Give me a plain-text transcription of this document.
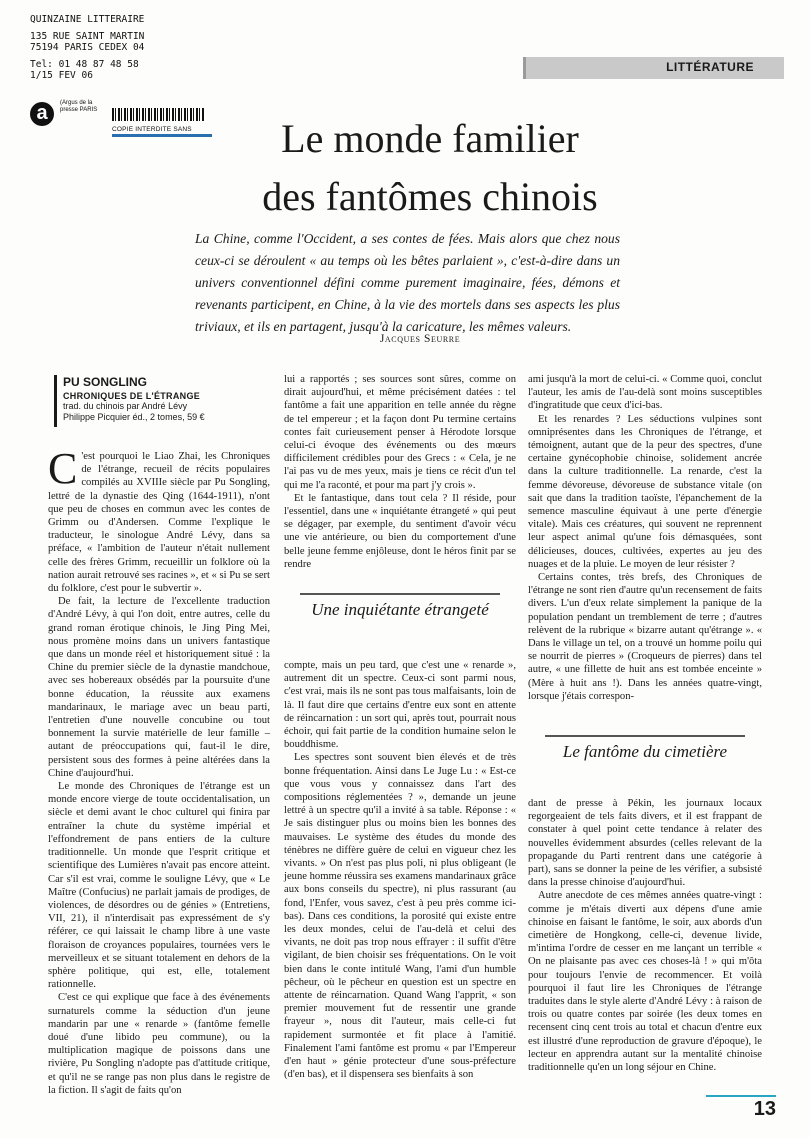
QUINZAINE LITTERAIRE
135 RUE SAINT MARTIN
75194 PARIS CEDEX 04
Tel: 01 48 87 48 58
1/15 FEV 06
a	(Argus de la presse PARIS
COPIE INTERDITE SANS
LITTÉRATURE
Le monde familier
des fantômes chinois
La Chine, comme l'Occident, a ses contes de fées. Mais alors que chez nous ceux-ci se déroulent « au temps où les bêtes parlaient », c'est-à-dire dans un univers conventionnel défini comme purement imaginaire, fées, démons et revenants participent, en Chine, à la vie des mortels dans ses aspects les plus triviaux, et ils en partagent, jusqu'à la caricature, les mêmes valeurs.
Jacques Seurre
PU SONGLING
CHRONIQUES DE L'ÉTRANGE
trad. du chinois par André Lévy
Philippe Picquier éd., 2 tomes, 59 €
C 'est pourquoi le Liao Zhai, les Chroniques de l'étrange, recueil de récits populaires compilés au XVIIIe siècle par Pu Songling, lettré de la dynastie des Qing (1644-1911), n'ont que peu de choses en commun avec les contes de Grimm ou d'Andersen. Comme l'explique le traducteur, le sinologue André Lévy, dans sa préface, « l'ambition de l'auteur n'était nullement celle des frères Grimm, recueillir un folklore où la nation aurait retrouvé ses racines », et « si Pu se sert du folklore, c'est pour le subvertir ».

De fait, la lecture de l'excellente traduction d'André Lévy, à qui l'on doit, entre autres, celle du grand roman érotique chinois, le Jing Ping Mei, nous promène moins dans un univers fantastique que dans un monde réel et historiquement situé : la Chine du premier siècle de la dynastie mandchoue, avec ses hobereaux obsédés par la poursuite d'une bonne éducation, la réussite aux examens mandarinaux, le mariage avec un beau parti, l'entretien d'une nouvelle concubine ou tout bonnement la survie matérielle de leur famille – autant de préoccupations qui, faut-il le dire, persistent sous des formes à peine altérées dans la Chine d'aujourd'hui.

Le monde des Chroniques de l'étrange est un monde encore vierge de toute occidentalisation, un siècle et demi avant le choc culturel qui finira par entraîner la chute du système impérial et l'effondrement de pans entiers de la culture traditionnelle. Un monde que l'esprit critique et scientifique des Lumières n'avait pas encore atteint. Car s'il est vrai, comme le souligne Lévy, que « Le Maître (Confucius) ne parlait jamais de prodiges, de violences, de désordres ou de génies » (Entretiens, VII, 21), il n'interdisait pas expressément de s'y référer, ce qui laissait le champ libre à une vaste floraison de croyances populaires, tournées vers le merveilleux et se situant totalement en dehors de la sphère politique, qui est, elle, totalement rationnelle.

C'est ce qui explique que face à des événements surnaturels comme la séduction d'un jeune mandarin par une « renarde » (fantôme femelle doué d'une libido peu commune), ou la multiplication magique de poissons dans une rivière, Pu Songling n'adopte pas d'attitude critique, et qu'il ne se range pas non plus dans le registre de la fiction. Il s'agit de faits qu'on

lui a rapportés ; ses sources sont sûres, comme on dirait aujourd'hui, et même précisément datées : tel fantôme a fait une apparition en telle année du règne de tel empereur ; et la façon dont Pu termine certains contes fait curieusement penser à Hérodote lorsque celui-ci évoque des événements ou des mœurs difficilement crédibles pour des Grecs : « Cela, je ne l'ai pas vu de mes yeux, mais je tiens ce récit d'un tel qui me l'a raconté, et pour ma part j'y crois ».

Et le fantastique, dans tout cela ? Il réside, pour l'essentiel, dans une « inquiétante étrangeté » qui peut se dégager, par exemple, du sentiment d'avoir vécu une vie antérieure, ou bien du comportement d'une belle jeune femme enjôleuse, dont le héros finit par se rendre

Une inquiétante étrangeté

compte, mais un peu tard, que c'est une « renarde », autrement dit un spectre. Ceux-ci sont parmi nous, c'est vrai, mais ils ne sont pas tous malfaisants, loin de là. Il faut dire que certains d'entre eux sont en attente de réincarnation : un sort qui, après tout, pourrait nous échoir, qui fait partie de la condition humaine selon le bouddhisme.

Les spectres sont souvent bien élevés et de très bonne fréquentation. Ainsi dans Le Juge Lu : « Est-ce que vous vous y connaissez dans l'art des compositions réglementées ? », demande un jeune lettré à un spectre qu'il a invité à sa table. Réponse : « Je sais distinguer plus ou moins bien les bonnes des mauvaises. Le système des études du monde des ténèbres ne diffère guère de celui en vigueur chez les vivants. » On n'est pas plus poli, ni plus obligeant (le jeune homme réussira ses examens mandarinaux grâce aux bons conseils du spectre), ni plus rassurant (au fond, l'Enfer, vous savez, c'est à peu près comme ici-bas). Dans ces conditions, la porosité qui existe entre les deux mondes, celui de l'au-delà et celui des vivants, ne doit pas trop nous effrayer : il suffit d'être vigilant, de bien choisir ses fréquentations. On le voit bien dans le conte intitulé Wang, l'ami d'un humble pêcheur, où le pêcheur en question est un spectre en attente de réincarnation. Quand Wang l'apprit, « son premier mouvement fut de ressentir une grande frayeur », nous dit l'auteur, mais celle-ci fut rapidement surmontée et fit place à l'amitié. Finalement l'ami fantôme est promu « par l'Empereur d'en haut » génie protecteur d'une sous-préfecture (d'en bas), et il dispensera ses bienfaits à son

ami jusqu'à la mort de celui-ci. « Comme quoi, conclut l'auteur, les amis de l'au-delà sont moins susceptibles d'ingratitude que ceux d'ici-bas.

Et les renardes ? Les séductions vulpines sont omniprésentes dans les Chroniques de l'étrange, et témoignent, autant que de la peur des spectres, d'une certaine gynécophobie chinoise, solidement ancrée dans la culture traditionnelle. La renarde, c'est la femme dévoreuse, dévoreuse de substance vitale (on sait que dans la tradition taoïste, l'épanchement de la semence masculine équivaut à une perte d'énergie vitale). Mais ces créatures, qui souvent ne reprennent leur aspect animal qu'une fois démasquées, sont délicieuses, douces, cultivées, expertes au jeu des nuages et de la pluie. Le moyen de leur résister ?

Certains contes, très brefs, des Chroniques de l'étrange ne sont rien d'autre qu'un recensement de faits divers. L'un d'eux relate simplement la panique de la population pendant un tremblement de terre ; d'autres relèvent de la rubrique « bizarre autant qu'étrange ». « Dans le village un tel, on a trouvé un homme poilu qui se nourrit de pierres » (Croqueurs de pierres) dans tel autre, « une fillette de huit ans est tombée enceinte » (Mère à huit ans !). Dans les années quatre-vingt, lorsque j'étais correspon-

Le fantôme du cimetière

dant de presse à Pékin, les journaux locaux regorgeaient de tels faits divers, et il est frappant de constater à quel point cette tendance à relater des nouvelles évidemment absurdes (celles relevant de la propagande du Parti rentrent dans une catégorie à part), sans se donner la peine de les vérifier, a subsisté dans la presse chinoise d'aujourd'hui.

Autre anecdote de ces mêmes années quatre-vingt : comme je m'étais diverti aux dépens d'une amie chinoise en faisant le fantôme, le soir, aux abords d'un cimetière de Hongkong, celle-ci, devenue livide, m'intima l'ordre de cesser en me lançant un terrible « On ne plaisante pas avec ces choses-là ! » qui m'ôta pour toujours l'envie de recommencer. Et voilà pourquoi il faut lire les Chroniques de l'étrange traduites dans le style alerte d'André Lévy : à raison de trois ou quatre contes par soirée (les deux tomes en recensent cinq cent trois au total et chacun d'entre eux est illustré d'une reproduction de gravure d'époque), le lecteur en apprendra autant sur la mentalité chinoise traditionnelle qu'en un long séjour en Chine.

13
